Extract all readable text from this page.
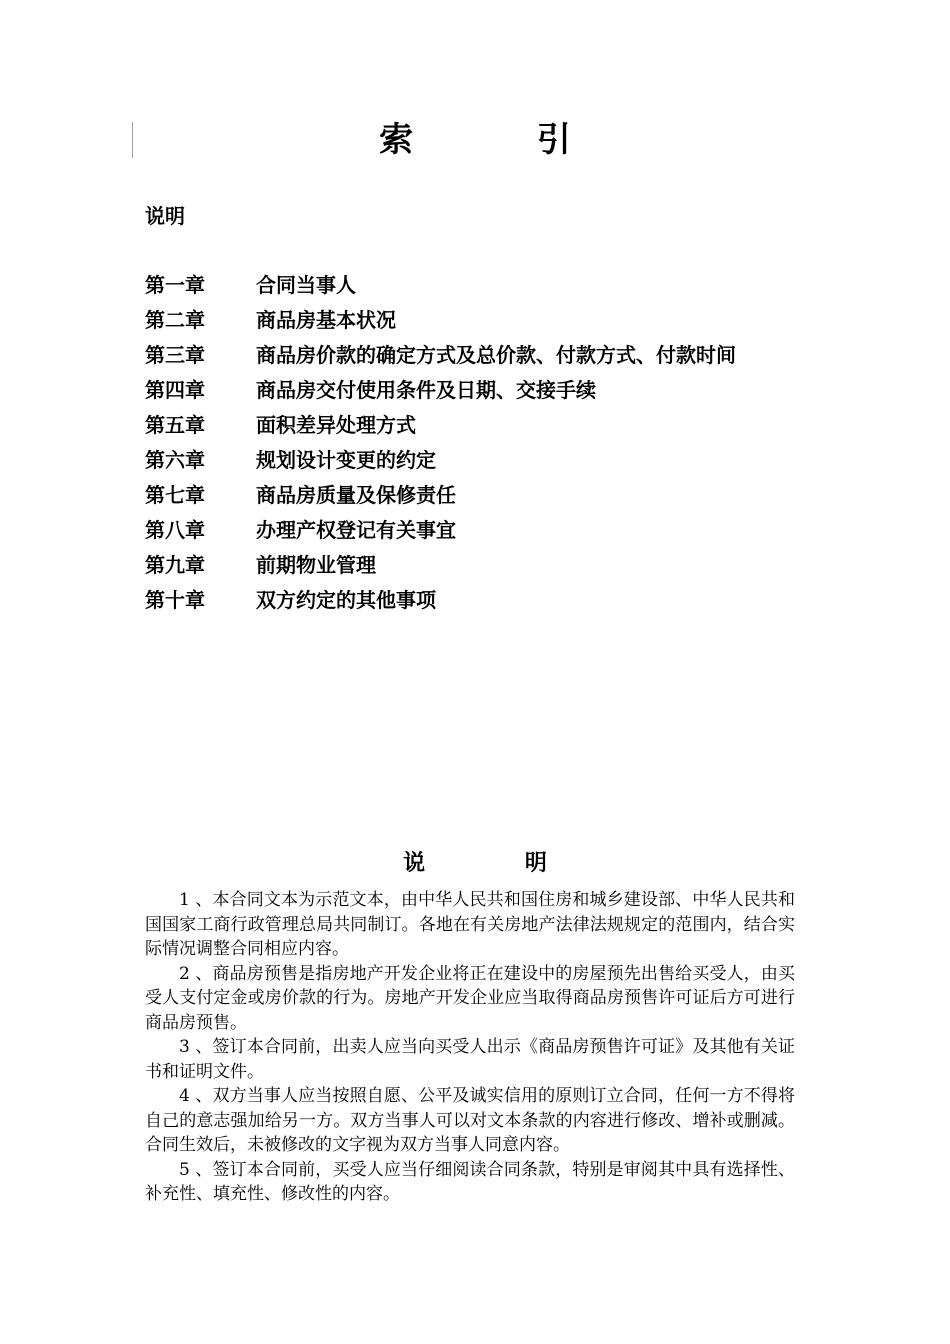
索 引
说明
第一章	合同当事人
第二章	商品房基本状况
第三章	商品房价款的确定方式及总价款、付款方式、付款时间
第四章	商品房交付使用条件及日期、交接手续
第五章	面积差异处理方式
第六章	规划设计变更的约定
第七章	商品房质量及保修责任
第八章	办理产权登记有关事宜
第九章	前期物业管理
第十章	双方约定的其他事项
说 明

1 、本合同文本为示范文本，由中华人民共和国住房和城乡建设部、中华人民共和国国家工商行政管理总局共同制订。各地在有关房地产法律法规规定的范围内，结合实际情况调整合同相应内容。

2 、商品房预售是指房地产开发企业将正在建设中的房屋预先出售给买受人，由买受人支付定金或房价款的行为。房地产开发企业应当取得商品房预售许可证后方可进行商品房预售。

3 、签订本合同前，出卖人应当向买受人出示《商品房预售许可证》及其他有关证书和证明文件。

4 、双方当事人应当按照自愿、公平及诚实信用的原则订立合同，任何一方不得将自己的意志强加给另一方。双方当事人可以对文本条款的内容进行修改、增补或删减。合同生效后，未被修改的文字视为双方当事人同意内容。

5 、签订本合同前，买受人应当仔细阅读合同条款，特别是审阅其中具有选择性、补充性、填充性、修改性的内容。
